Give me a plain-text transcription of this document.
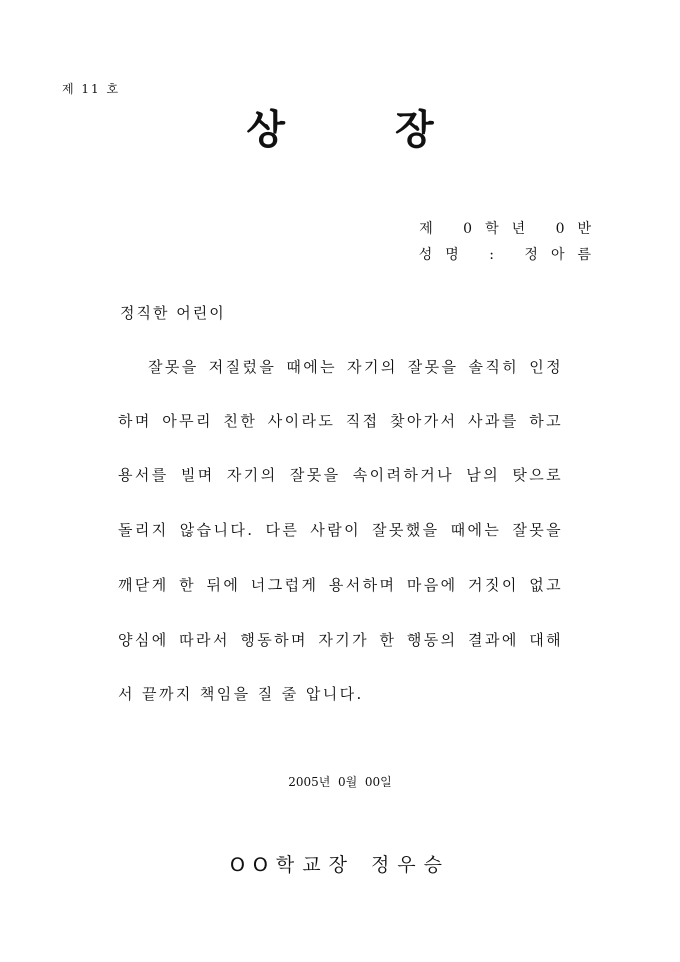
제 11 호
상	장
제 0학년 0반
성명 : 정아름
정직한 어린이
잘못을 저질렀을 때에는 자기의 잘못을 솔직히 인정
하며 아무리 친한 사이라도 직접 찾아가서 사과를 하고
용서를 빌며 자기의 잘못을 속이려하거나 남의 탓으로
돌리지 않습니다. 다른 사람이 잘못했을 때에는 잘못을
깨닫게 한 뒤에 너그럽게 용서하며 마음에 거짓이 없고
양심에 따라서 행동하며 자기가 한 행동의 결과에 대해
서 끝까지 책임을 질 줄 압니다.
2005년  0월  00일
OO학교장 정우승
